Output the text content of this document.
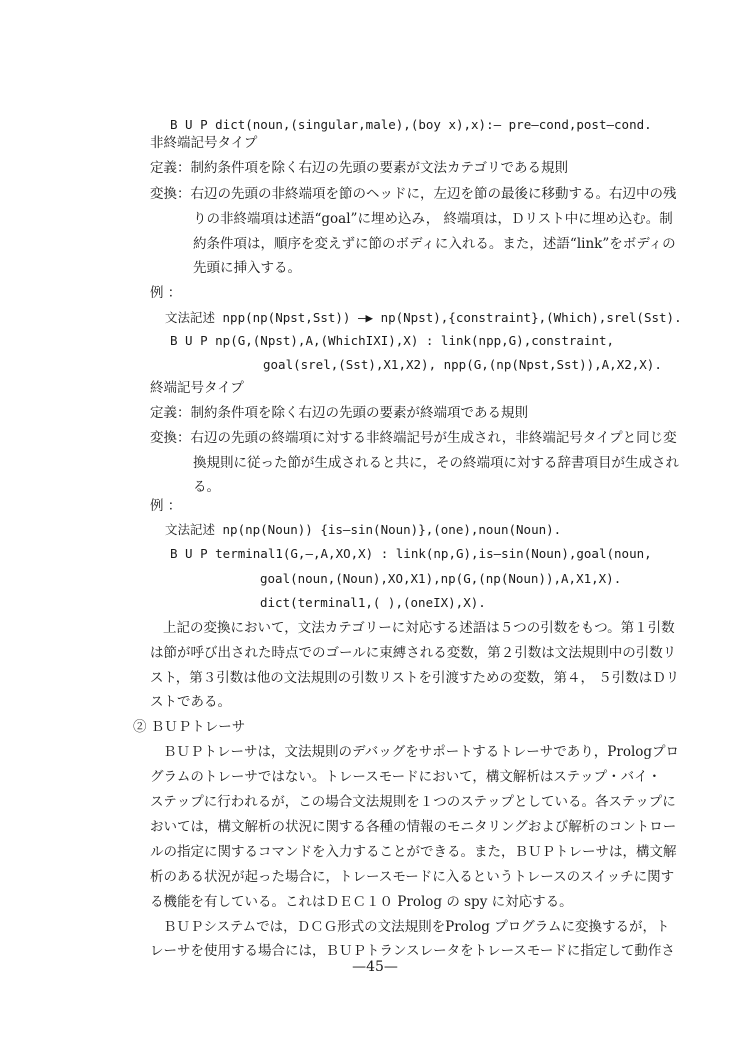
B U P dict(noun,(singular,male),(boy x),x):— pre—cond,post—cond.
非終端記号タイプ
定義：制約条件項を除く右辺の先頭の要素が文法カテゴリである規則
変換：右辺の先頭の非終端項を節のヘッドに，左辺を節の最後に移動する。右辺中の残
りの非終端項は述語“goal”に埋め込み， 終端項は，Ｄリスト中に埋め込む。制
約条件項は，順序を変えずに節のボディに入れる。また，述語“link”をボディの
先頭に挿入する。
例 ：
文法記述 npp(np(Npst,Sst)) —▶ np(Npst),{constraint},(Which),srel(Sst).
B U P np(G,(Npst),A,(WhichIXI),X) : link(npp,G),constraint,
goal(srel,(Sst),X1,X2), npp(G,(np(Npst,Sst)),A,X2,X).
終端記号タイプ
定義：制約条件項を除く右辺の先頭の要素が終端項である規則
変換：右辺の先頭の終端項に対する非終端記号が生成され，非終端記号タイプと同じ変
換規則に従った節が生成されると共に，その終端項に対する辞書項目が生成され
る。
例 ：
文法記述 np(np(Noun)) {is—sin(Noun)},(one),noun(Noun).
B U P terminal1(G,—,A,XO,X) : link(np,G),is—sin(Noun),goal(noun,
goal(noun,(Noun),XO,X1),np(G,(np(Noun)),A,X1,X).
dict(terminal1,( ),(oneIX),X).
上記の変換において，文法カテゴリーに対応する述語は５つの引数をもつ。第１引数
は節が呼び出された時点でのゴールに束縛される変数，第２引数は文法規則中の引数リ
スト，第３引数は他の文法規則の引数リストを引渡すための変数，第４， ５引数はＤリ
ストである。
② ＢＵＰトレーサ
ＢＵＰトレーサは，文法規則のデバッグをサポートするトレーサであり，Prologプロ
グラムのトレーサではない。トレースモードにおいて，構文解析はステップ・バイ・
ステップに行われるが，この場合文法規則を１つのステップとしている。各ステップに
おいては，構文解析の状況に関する各種の情報のモニタリングおよび解析のコントロー
ルの指定に関するコマンドを入力することができる。また，ＢＵＰトレーサは，構文解
析のある状況が起った場合に，トレースモードに入るというトレースのスイッチに関す
る機能を有している。これはＤＥＣ１０ Prolog の spy に対応する。
ＢＵＰシステムでは，ＤＣＧ形式の文法規則をProlog プログラムに変換するが，ト
レーサを使用する場合には，ＢＵＰトランスレータをトレースモードに指定して動作さ
—45—
